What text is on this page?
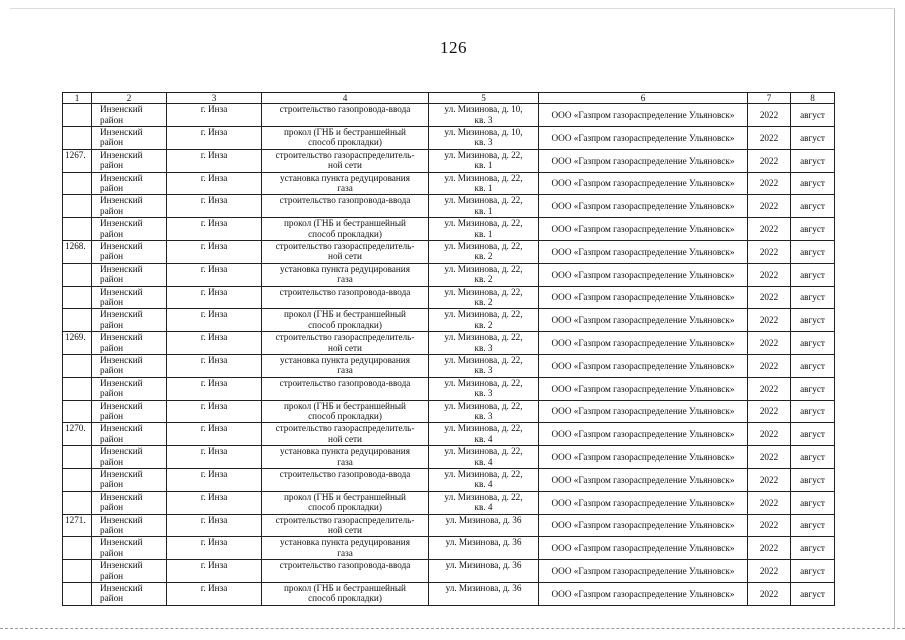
126
1	2	3	4	5	6	7	8

	Инзенский
район	г. Инза	строительство газопровода-ввода	ул. Мизинова, д. 10,
кв. 3	ООО «Газпром газораспределение Ульяновск»	2022	август

	Инзенский
район	г. Инза	прокол (ГНБ и бестраншейный
способ прокладки)	ул. Мизинова, д. 10,
кв. 3	ООО «Газпром газораспределение Ульяновск»	2022	август

1267.	Инзенский
район	г. Инза	строительство газораспределитель-
ной сети	ул. Мизинова, д. 22,
кв. 1	ООО «Газпром газораспределение Ульяновск»	2022	август

	Инзенский
район	г. Инза	установка пункта редуцирования
газа	ул. Мизинова, д. 22,
кв. 1	ООО «Газпром газораспределение Ульяновск»	2022	август

	Инзенский
район	г. Инза	строительство газопровода-ввода	ул. Мизинова, д. 22,
кв. 1	ООО «Газпром газораспределение Ульяновск»	2022	август

	Инзенский
район	г. Инза	прокол (ГНБ и бестраншейный
способ прокладки)	ул. Мизинова, д. 22,
кв. 1	ООО «Газпром газораспределение Ульяновск»	2022	август

1268.	Инзенский
район	г. Инза	строительство газораспределитель-
ной сети	ул. Мизинова, д. 22,
кв. 2	ООО «Газпром газораспределение Ульяновск»	2022	август

	Инзенский
район	г. Инза	установка пункта редуцирования
газа	ул. Мизинова, д. 22,
кв. 2	ООО «Газпром газораспределение Ульяновск»	2022	август

	Инзенский
район	г. Инза	строительство газопровода-ввода	ул. Мизинова, д. 22,
кв. 2	ООО «Газпром газораспределение Ульяновск»	2022	август

	Инзенский
район	г. Инза	прокол (ГНБ и бестраншейный
способ прокладки)	ул. Мизинова, д. 22,
кв. 2	ООО «Газпром газораспределение Ульяновск»	2022	август

1269.	Инзенский
район	г. Инза	строительство газораспределитель-
ной сети	ул. Мизинова, д. 22,
кв. 3	ООО «Газпром газораспределение Ульяновск»	2022	август

	Инзенский
район	г. Инза	установка пункта редуцирования
газа	ул. Мизинова, д. 22,
кв. 3	ООО «Газпром газораспределение Ульяновск»	2022	август

	Инзенский
район	г. Инза	строительство газопровода-ввода	ул. Мизинова, д. 22,
кв. 3	ООО «Газпром газораспределение Ульяновск»	2022	август

	Инзенский
район	г. Инза	прокол (ГНБ и бестраншейный
способ прокладки)	ул. Мизинова, д. 22,
кв. 3	ООО «Газпром газораспределение Ульяновск»	2022	август

1270.	Инзенский
район	г. Инза	строительство газораспределитель-
ной сети	ул. Мизинова, д. 22,
кв. 4	ООО «Газпром газораспределение Ульяновск»	2022	август

	Инзенский
район	г. Инза	установка пункта редуцирования
газа	ул. Мизинова, д. 22,
кв. 4	ООО «Газпром газораспределение Ульяновск»	2022	август

	Инзенский
район	г. Инза	строительство газопровода-ввода	ул. Мизинова, д. 22,
кв. 4	ООО «Газпром газораспределение Ульяновск»	2022	август

	Инзенский
район	г. Инза	прокол (ГНБ и бестраншейный
способ прокладки)	ул. Мизинова, д. 22,
кв. 4	ООО «Газпром газораспределение Ульяновск»	2022	август

1271.	Инзенский
район	г. Инза	строительство газораспределитель-
ной сети	ул. Мизинова, д. 36	ООО «Газпром газораспределение Ульяновск»	2022	август

	Инзенский
район	г. Инза	установка пункта редуцирования
газа	ул. Мизинова, д. 36	ООО «Газпром газораспределение Ульяновск»	2022	август

	Инзенский
район	г. Инза	строительство газопровода-ввода	ул. Мизинова, д. 36	ООО «Газпром газораспределение Ульяновск»	2022	август

	Инзенский
район	г. Инза	прокол (ГНБ и бестраншейный
способ прокладки)	ул. Мизинова, д. 36	ООО «Газпром газораспределение Ульяновск»	2022	август
